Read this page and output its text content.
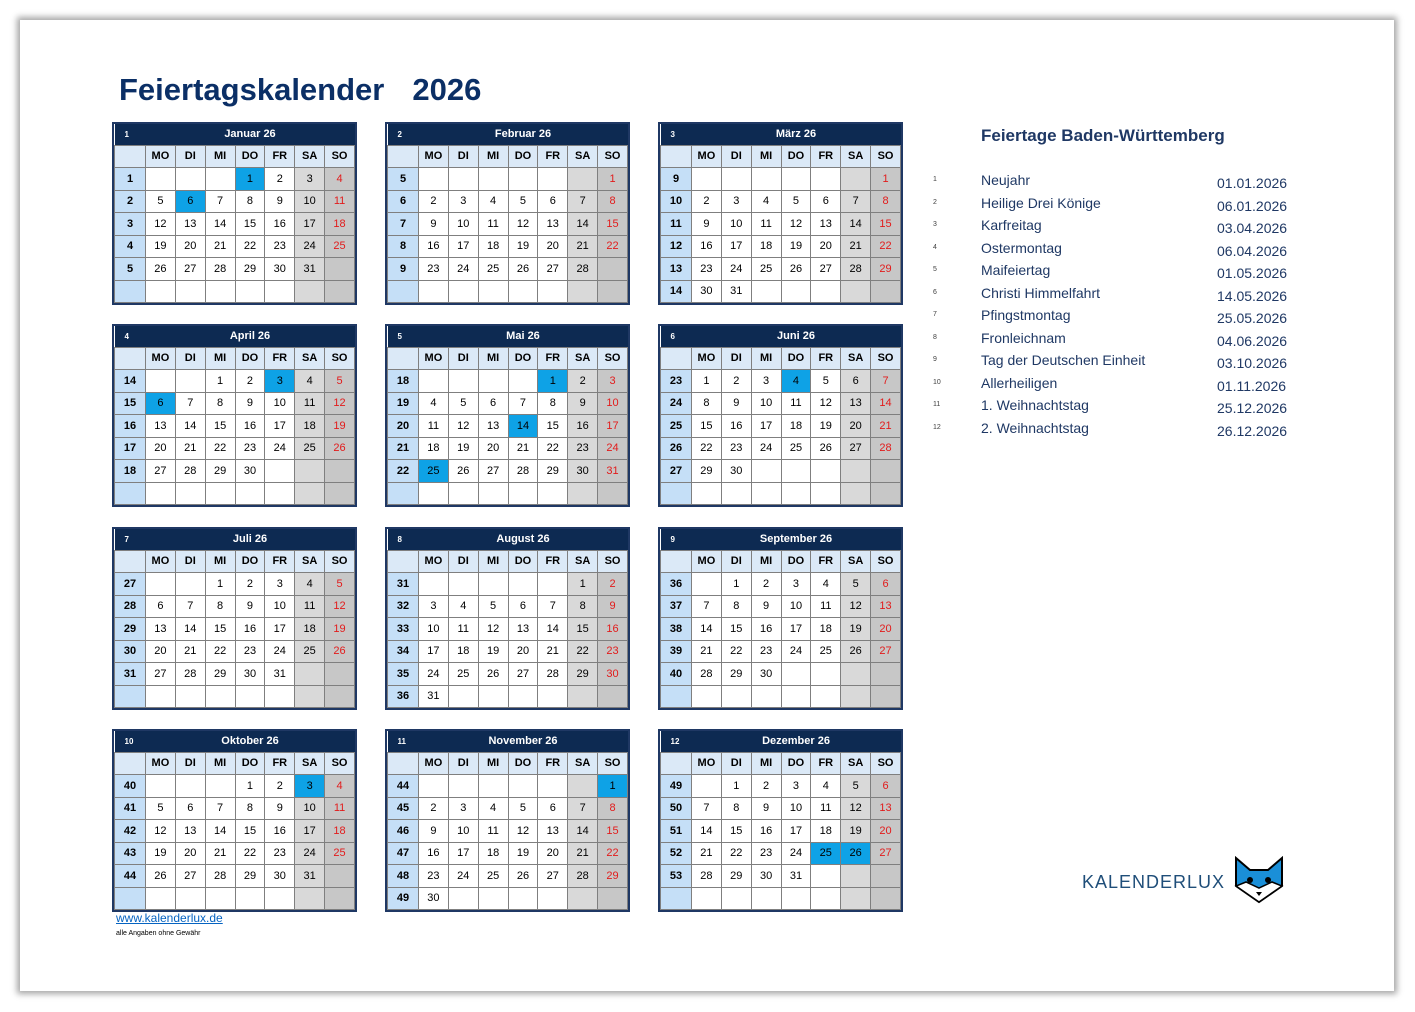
Feiertagskalender 2026
1	Januar 26						
	MO	DI	MI	DO	FR	SA	SO
1				1	2	3	4
2	5	6	7	8	9	10	11
3	12	13	14	15	16	17	18
4	19	20	21	22	23	24	25
5	26	27	28	29	30	31	

2	Februar 26						
	MO	DI	MI	DO	FR	SA	SO
5							1
6	2	3	4	5	6	7	8
7	9	10	11	12	13	14	15
8	16	17	18	19	20	21	22
9	23	24	25	26	27	28	

3	März 26						
	MO	DI	MI	DO	FR	SA	SO
9							1
10	2	3	4	5	6	7	8
11	9	10	11	12	13	14	15
12	16	17	18	19	20	21	22
13	23	24	25	26	27	28	29
14	30	31					
4	April 26						
	MO	DI	MI	DO	FR	SA	SO
14			1	2	3	4	5
15	6	7	8	9	10	11	12
16	13	14	15	16	17	18	19
17	20	21	22	23	24	25	26
18	27	28	29	30			

5	Mai 26						
	MO	DI	MI	DO	FR	SA	SO
18					1	2	3
19	4	5	6	7	8	9	10
20	11	12	13	14	15	16	17
21	18	19	20	21	22	23	24
22	25	26	27	28	29	30	31

6	Juni 26						
	MO	DI	MI	DO	FR	SA	SO
23	1	2	3	4	5	6	7
24	8	9	10	11	12	13	14
25	15	16	17	18	19	20	21
26	22	23	24	25	26	27	28
27	29	30					

7	Juli 26						
	MO	DI	MI	DO	FR	SA	SO
27			1	2	3	4	5
28	6	7	8	9	10	11	12
29	13	14	15	16	17	18	19
30	20	21	22	23	24	25	26
31	27	28	29	30	31		

8	August 26						
	MO	DI	MI	DO	FR	SA	SO
31						1	2
32	3	4	5	6	7	8	9
33	10	11	12	13	14	15	16
34	17	18	19	20	21	22	23
35	24	25	26	27	28	29	30
36	31						
9	September 26						
	MO	DI	MI	DO	FR	SA	SO
36		1	2	3	4	5	6
37	7	8	9	10	11	12	13
38	14	15	16	17	18	19	20
39	21	22	23	24	25	26	27
40	28	29	30				

10	Oktober 26						
	MO	DI	MI	DO	FR	SA	SO
40				1	2	3	4
41	5	6	7	8	9	10	11
42	12	13	14	15	16	17	18
43	19	20	21	22	23	24	25
44	26	27	28	29	30	31	

11	November 26						
	MO	DI	MI	DO	FR	SA	SO
44							1
45	2	3	4	5	6	7	8
46	9	10	11	12	13	14	15
47	16	17	18	19	20	21	22
48	23	24	25	26	27	28	29
49	30						
12	Dezember 26						
	MO	DI	MI	DO	FR	SA	SO
49		1	2	3	4	5	6
50	7	8	9	10	11	12	13
51	14	15	16	17	18	19	20
52	21	22	23	24	25	26	27
53	28	29	30	31			

Feiertage Baden-Württemberg
1	Neujahr	01.01.2026
2	Heilige Drei Könige	06.01.2026
3	Karfreitag	03.04.2026
4	Ostermontag	06.04.2026
5	Maifeiertag	01.05.2026
6	Christi Himmelfahrt	14.05.2026
7	Pfingstmontag	25.05.2026
8	Fronleichnam	04.06.2026
9	Tag der Deutschen Einheit	03.10.2026
10	Allerheiligen	01.11.2026
11	1. Weihnachtstag	25.12.2026
12	2. Weihnachtstag	26.12.2026
www.kalenderlux.de
alle Angaben ohne Gewähr
KALENDERLUX
